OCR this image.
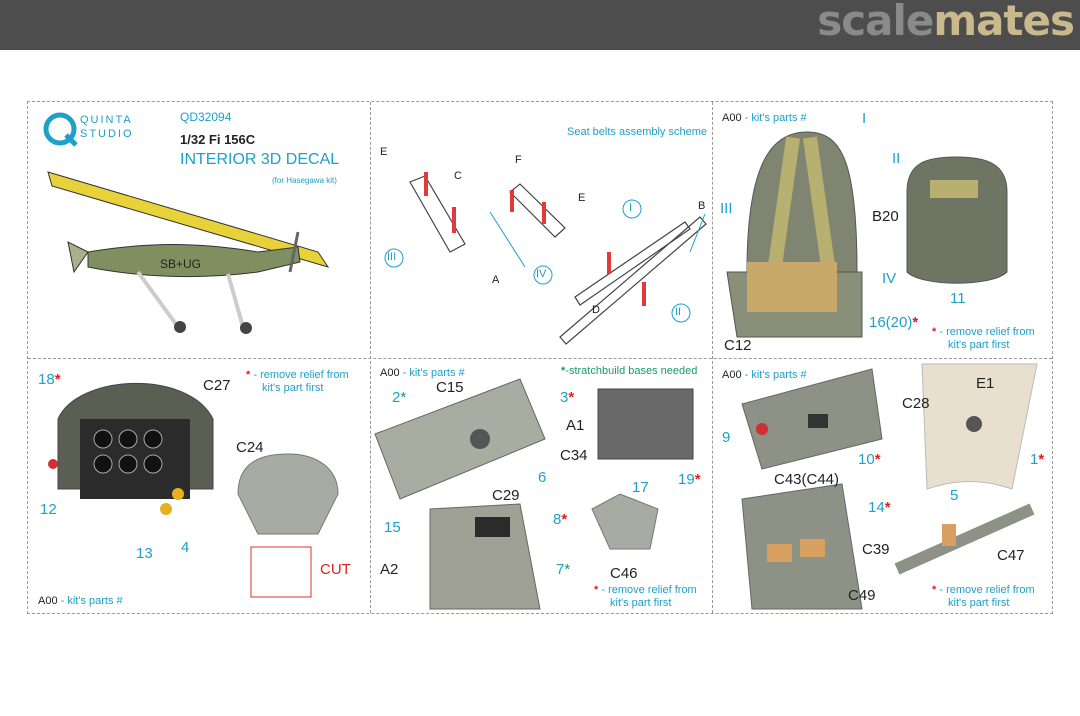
scalemates
SB+UG
QUINTA
STUDIO
QD32094
1/32 Fi 156C
INTERIOR 3D DECAL
(for Hasegawa kit)
Seat belts assembly scheme
E
C
F
E
A
III
IV
I	B
D	II
A00 - kit's parts #	I
II
III
IV
B20
C12
16(20)*
11
* - remove relief from
kit's part first
18*	C27
C24
12
13 4
CUT
* - remove relief from
kit's part first
A00 - kit's parts #
A00 - kit's parts #	*-stratchbuild bases needed
2*
C15
3*
A1
C34
6
C29
19*
15	8*
17
A2	7*	C46
* - remove relief from
kit's part first
A00 - kit's parts #	E1
C28
9
10*	1*
C43(C44)
5
14*
C39	C47
C49	* - remove relief from
kit's part first
